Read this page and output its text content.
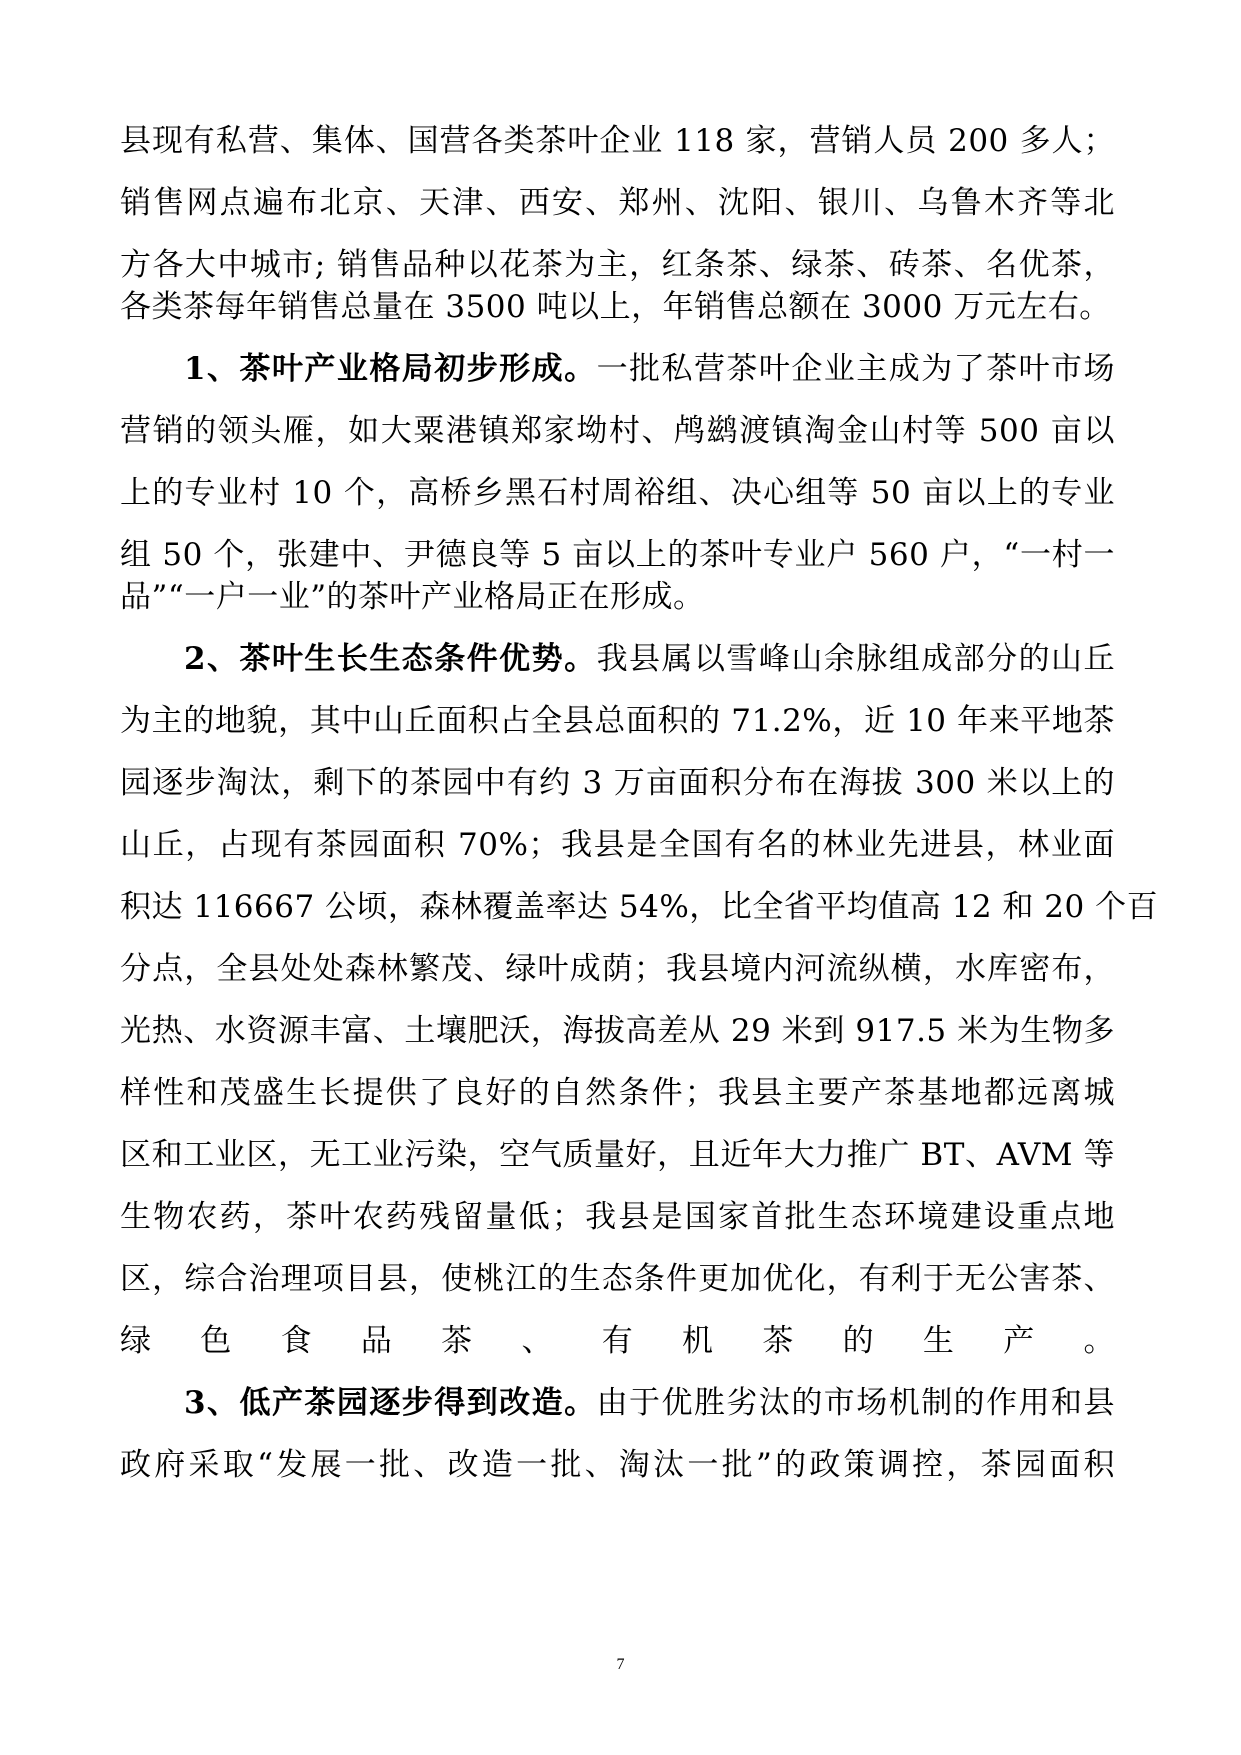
县现有私营、集体、国营各类茶叶企业 118 家，营销人员 200 多人；
销售网点遍布北京、天津、西安、郑州、沈阳、银川、乌鲁木齐等北
方各大中城市; 销售品种以花茶为主，红条茶、绿茶、砖茶、名优茶，
各类茶每年销售总量在 3500 吨以上，年销售总额在 3000 万元左右。
1、茶叶产业格局初步形成。一批私营茶叶企业主成为了茶叶市场
营销的领头雁，如大粟港镇郑家坳村、鸬鹚渡镇淘金山村等 500 亩以
上的专业村 10 个，高桥乡黑石村周裕组、决心组等 50 亩以上的专业
组 50 个，张建中、尹德良等 5 亩以上的茶叶专业户 560 户，“一村一
品”“一户一业”的茶叶产业格局正在形成。
2、茶叶生长生态条件优势。我县属以雪峰山余脉组成部分的山丘
为主的地貌，其中山丘面积占全县总面积的 71.2%，近 10 年来平地茶
园逐步淘汰，剩下的茶园中有约 3 万亩面积分布在海拔 300 米以上的
山丘，占现有茶园面积 70%；我县是全国有名的林业先进县，林业面
积达 116667 公顷，森林覆盖率达 54%，比全省平均值高 12 和 20 个百
分点，全县处处森林繁茂、绿叶成荫；我县境内河流纵横，水库密布，
光热、水资源丰富、土壤肥沃，海拔高差从 29 米到 917.5 米为生物多
样性和茂盛生长提供了良好的自然条件；我县主要产茶基地都远离城
区和工业区，无工业污染，空气质量好，且近年大力推广 BT、AVM 等
生物农药，茶叶农药残留量低；我县是国家首批生态环境建设重点地
区，综合治理项目县，使桃江的生态条件更加优化，有利于无公害茶、
绿色食品茶、有机茶的生产。
3、低产茶园逐步得到改造。由于优胜劣汰的市场机制的作用和县
政府采取“发展一批、改造一批、淘汰一批”的政策调控，茶园面积
7
